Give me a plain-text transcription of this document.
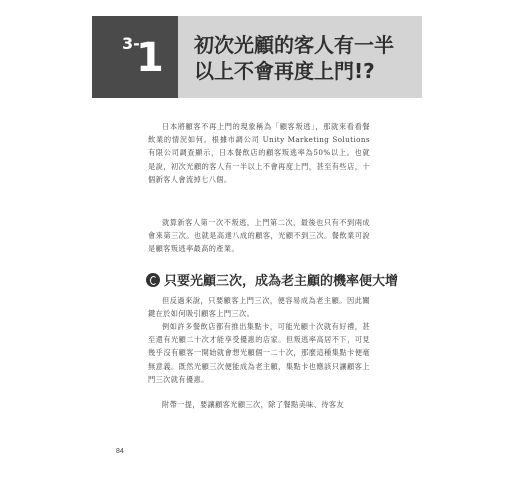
3-
1 初次光顧的客人有一半
以上不會再度上門!?

日本將顧客不再上門的現象稱為「顧客叛逃」，那就來看看餐飲業的情況如何。根據市調公司 Unity Marketing Solutions 有限公司調查顯示，日本餐飲店的顧客叛逃率為50%以上。也就是說，初次光顧的客人有一半以上不會再度上門，甚至有些店，十個新客人會流掉七八個。

就算新客人第一次不叛逃，上門第二次，最後也只有不到兩成會來第三次。也就是高達八成的顧客，光顧不到三次。餐飲業可說是顧客叛逃率最高的產業。

只要光顧三次，成為老主顧的機率便大增

但反過來說，只要顧客上門三次，便容易成為老主顧。因此關鍵在於如何吸引顧客上門三次。

例如許多餐飲店都有推出集點卡，可能光顧十次就有好禮，甚至還有光顧二十次才能享受優惠的店家。但叛逃率高居不下，可見幾乎沒有顧客一開始就會想光顧個一二十次，那麼這種集點卡便毫無意義。既然光顧三次便能成為老主顧，集點卡也應該只讓顧客上門三次就有優惠。

附帶一提，要讓顧客光顧三次，除了餐點美味、待客友

84
